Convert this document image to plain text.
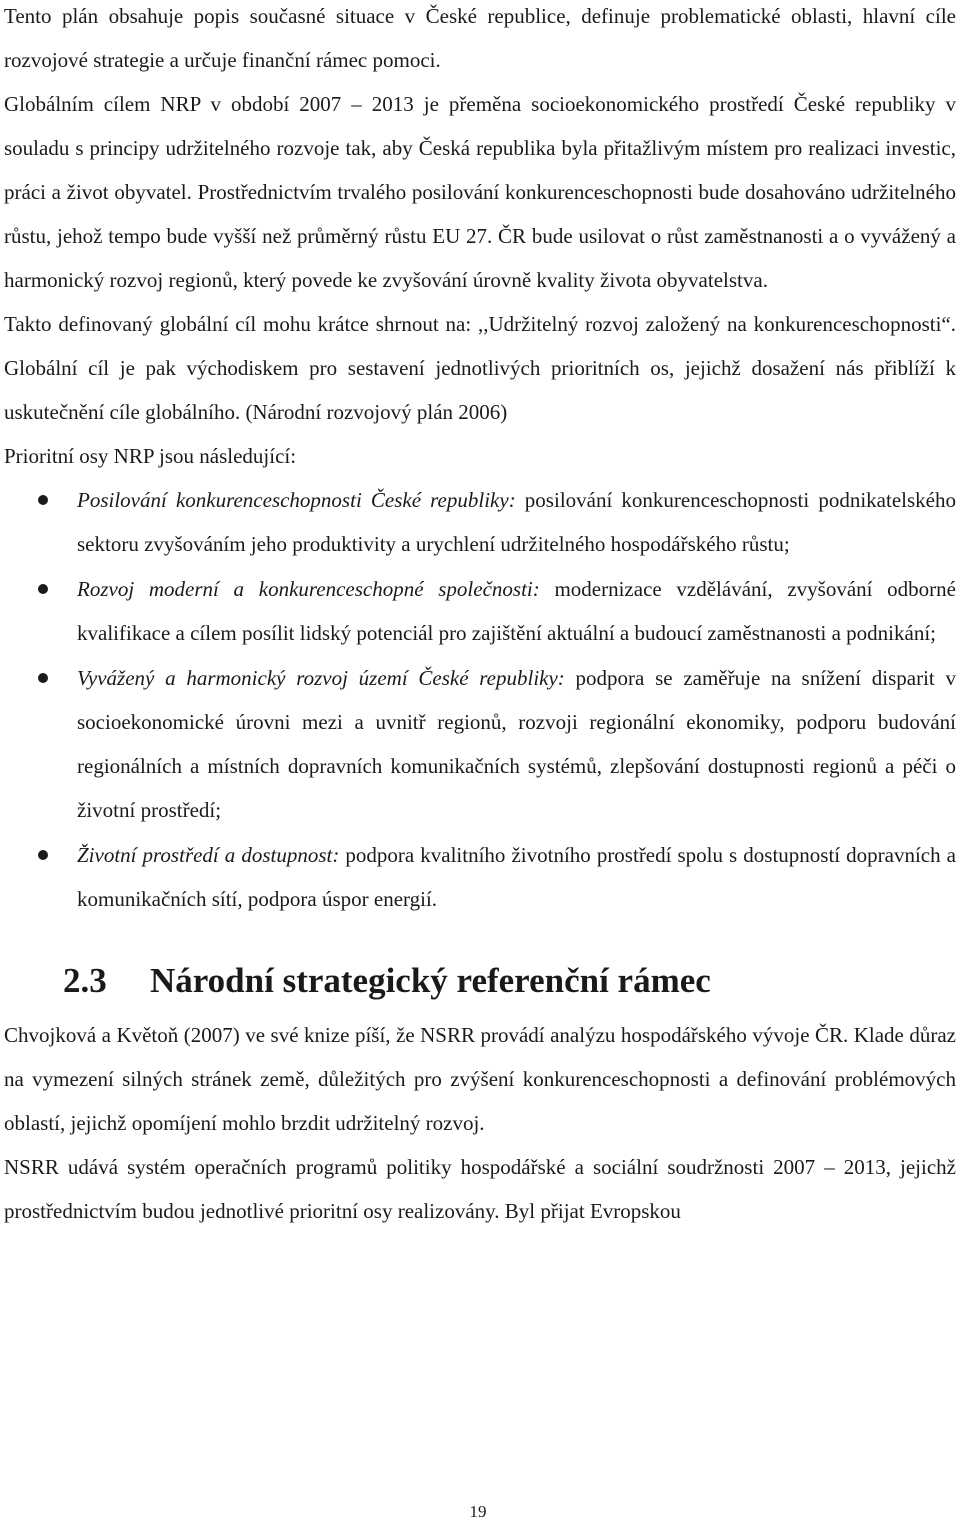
Tento plán obsahuje popis současné situace v České republice, definuje problematické oblasti, hlavní cíle rozvojové strategie a určuje finanční rámec pomoci.

Globálním cílem NRP v období 2007 – 2013 je přeměna socioekonomického prostředí České republiky v souladu s principy udržitelného rozvoje tak, aby Česká republika byla přitažlivým místem pro realizaci investic, práci a život obyvatel. Prostřednictvím trvalého posilování konkurenceschopnosti bude dosahováno udržitelného růstu, jehož tempo bude vyšší než průměrný růstu EU 27. ČR bude usilovat o růst zaměstnanosti a o vyvážený a harmonický rozvoj regionů, který povede ke zvyšování úrovně kvality života obyvatelstva.

Takto definovaný globální cíl mohu krátce shrnout na: ,,Udržitelný rozvoj založený na konkurenceschopnosti“. Globální cíl je pak východiskem pro sestavení jednotlivých prioritních os, jejichž dosažení nás přiblíží k uskutečnění cíle globálního. (Národní rozvojový plán 2006)

Prioritní osy NRP jsou následující:

Posilování konkurenceschopnosti České republiky: posilování konkurenceschopnosti podnikatelského sektoru zvyšováním jeho produktivity a urychlení udržitelného hospodářského růstu;
Rozvoj moderní a konkurenceschopné společnosti: modernizace vzdělávání, zvyšování odborné kvalifikace a cílem posílit lidský potenciál pro zajištění aktuální a budoucí zaměstnanosti a podnikání;
Vyvážený a harmonický rozvoj území České republiky: podpora se zaměřuje na snížení disparit v socioekonomické úrovni mezi a uvnitř regionů, rozvoji regionální ekonomiky, podporu budování regionálních a místních dopravních komunikačních systémů, zlepšování dostupnosti regionů a péči o životní prostředí;
Životní prostředí a dostupnost: podpora kvalitního životního prostředí spolu s dostupností dopravních a komunikačních sítí, podpora úspor energií.
2.3	Národní strategický referenční rámec

Chvojková a Květoň (2007) ve své knize píší, že NSRR provádí analýzu hospodářského vývoje ČR. Klade důraz na vymezení silných stránek země, důležitých pro zvýšení konkurenceschopnosti a definování problémových oblastí, jejichž opomíjení mohlo brzdit udržitelný rozvoj.

NSRR udává systém operačních programů politiky hospodářské a sociální soudržnosti 2007 – 2013, jejichž prostřednictvím budou jednotlivé prioritní osy realizovány. Byl přijat Evropskou

19
